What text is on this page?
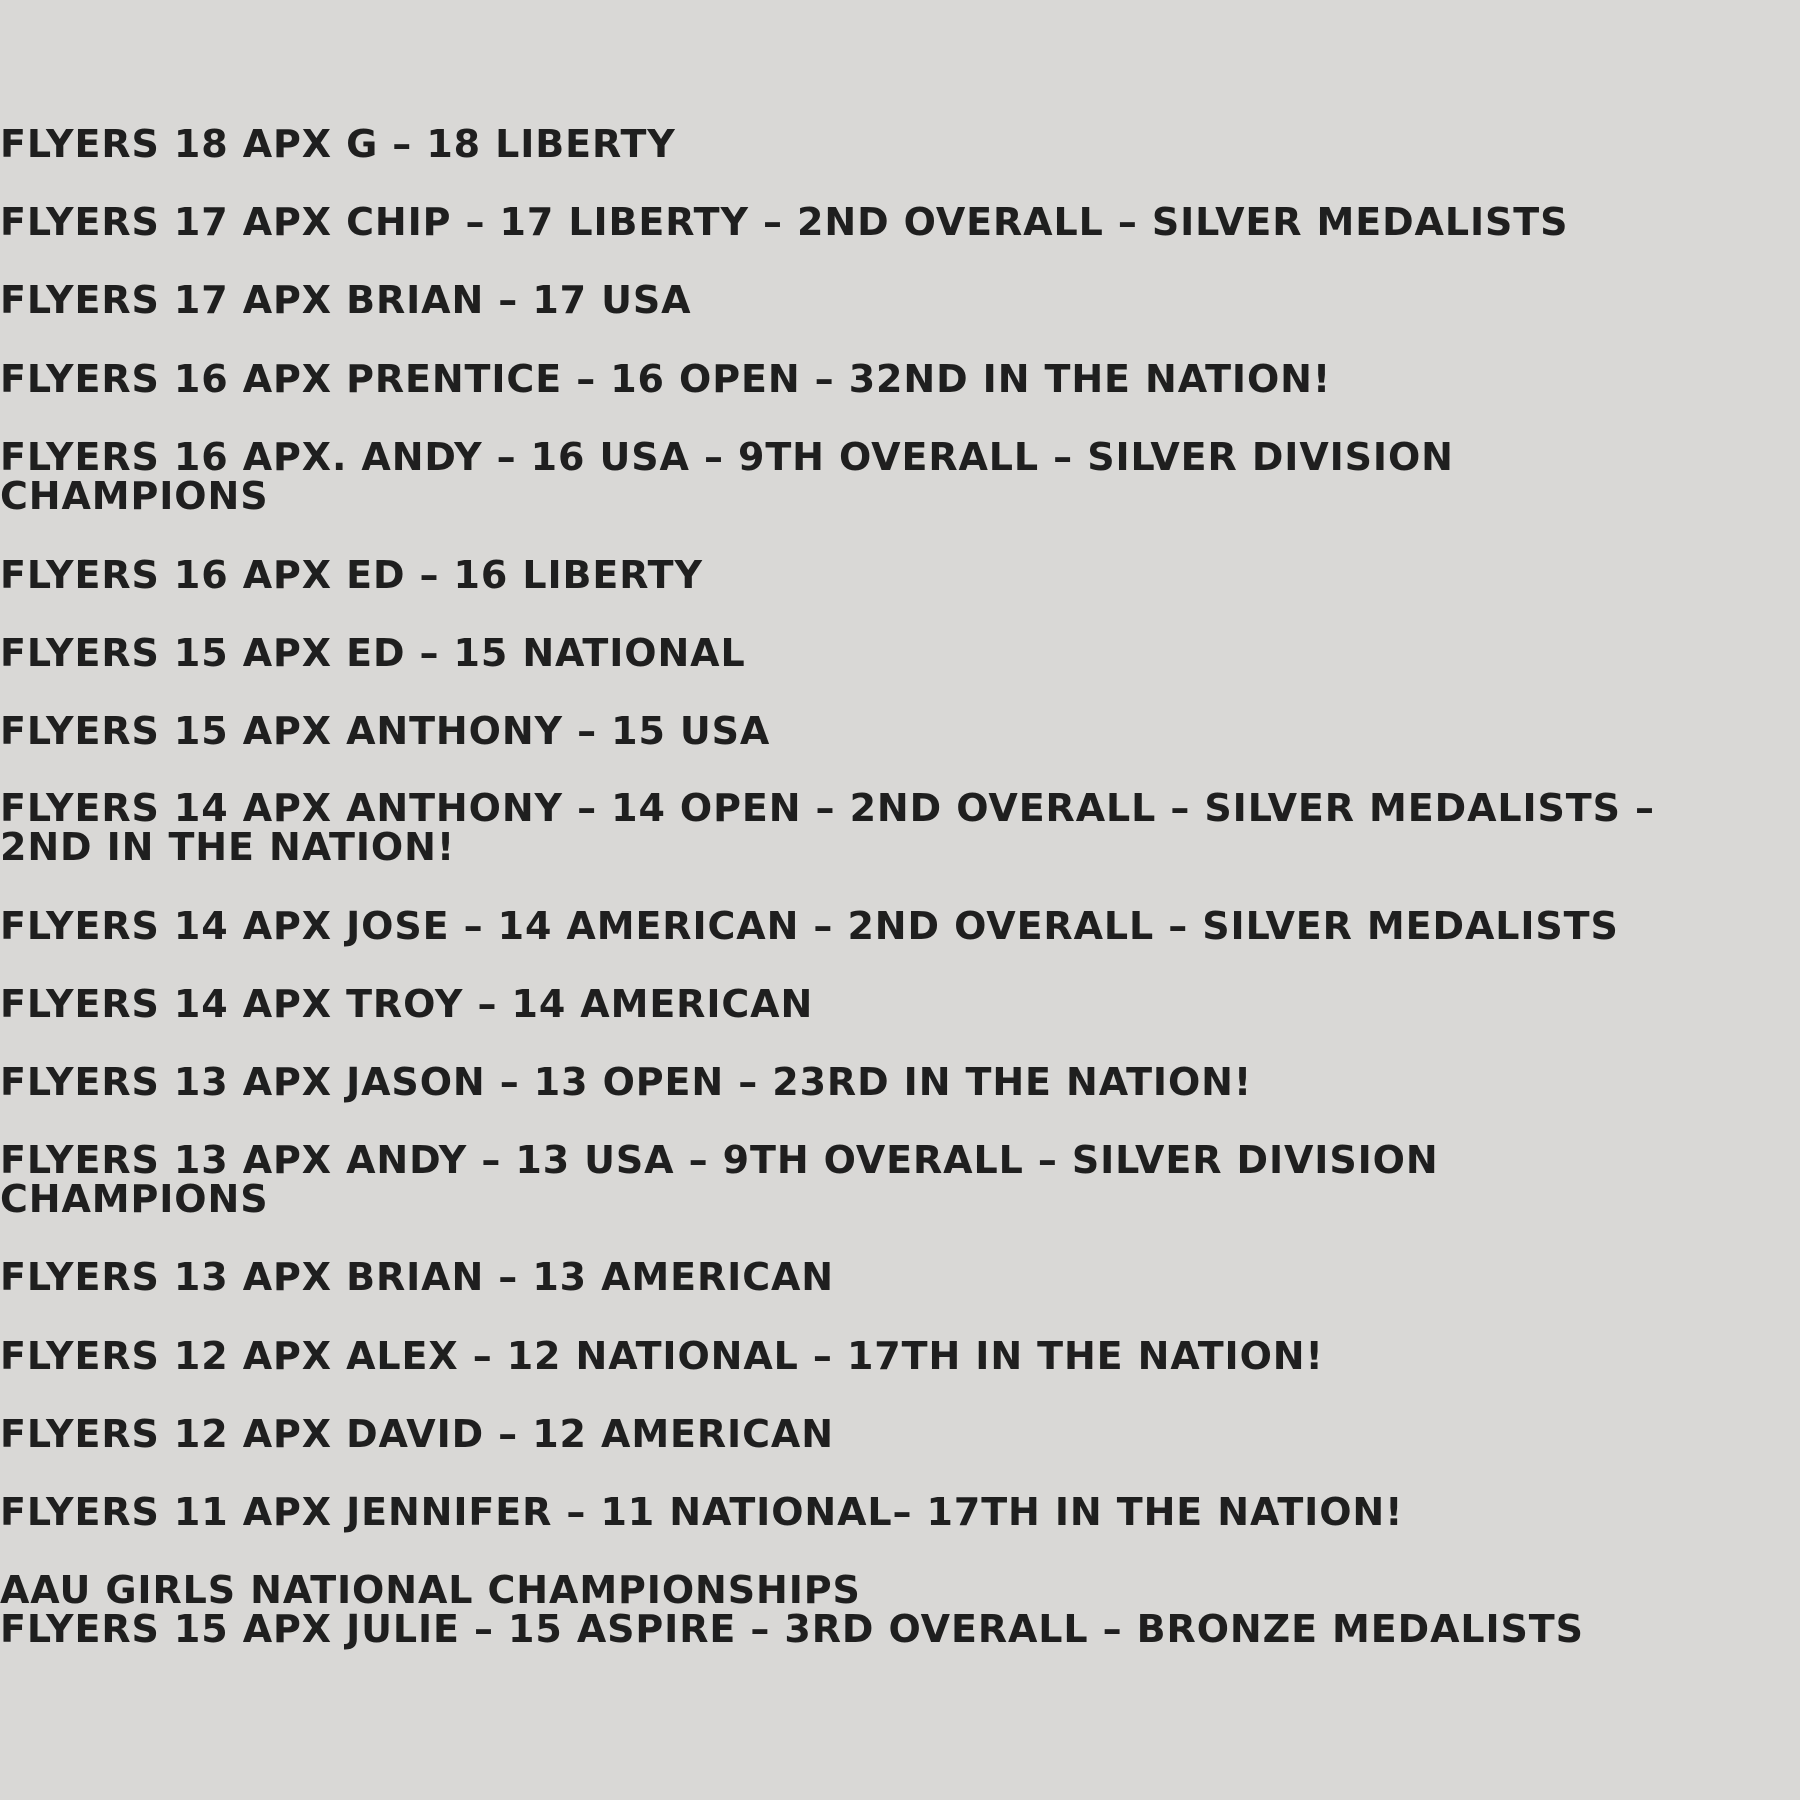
FLYERS 18 APX G – 18 LIBERTY

FLYERS 17 APX CHIP – 17 LIBERTY – 2ND OVERALL – SILVER MEDALISTS

FLYERS 17 APX BRIAN – 17 USA

FLYERS 16 APX PRENTICE – 16 OPEN – 32ND IN THE NATION!

FLYERS 16 APX. ANDY – 16 USA – 9TH OVERALL – SILVER DIVISION

CHAMPIONS

FLYERS 16 APX ED – 16 LIBERTY

FLYERS 15 APX ED – 15 NATIONAL

FLYERS 15 APX ANTHONY – 15 USA

FLYERS 14 APX ANTHONY – 14 OPEN – 2ND OVERALL – SILVER MEDALISTS –

2ND IN THE NATION!

FLYERS 14 APX JOSE – 14 AMERICAN – 2ND OVERALL – SILVER MEDALISTS

FLYERS 14 APX TROY – 14 AMERICAN

FLYERS 13 APX JASON – 13 OPEN – 23RD IN THE NATION!

FLYERS 13 APX ANDY – 13 USA – 9TH OVERALL – SILVER DIVISION

CHAMPIONS

FLYERS 13 APX BRIAN – 13 AMERICAN

FLYERS 12 APX ALEX – 12 NATIONAL – 17TH IN THE NATION!

FLYERS 12 APX DAVID – 12 AMERICAN

FLYERS 11 APX JENNIFER – 11 NATIONAL– 17TH IN THE NATION!

AAU GIRLS NATIONAL CHAMPIONSHIPS

FLYERS 15 APX JULIE – 15 ASPIRE – 3RD OVERALL – BRONZE MEDALISTS
